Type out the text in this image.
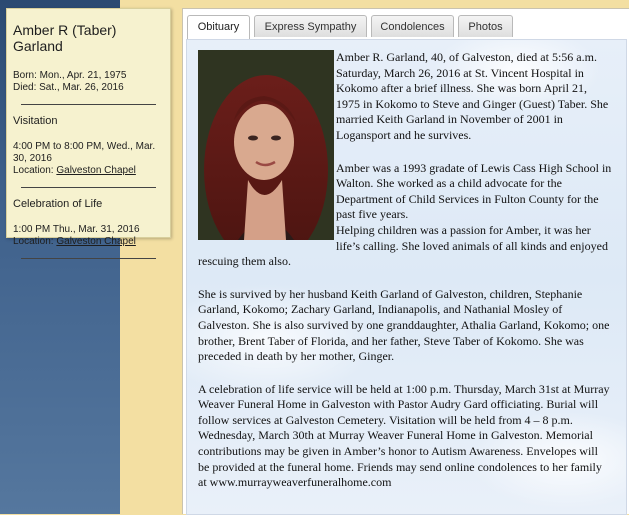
Amber R (Taber) Garland
Born: Mon., Apr. 21, 1975
Died: Sat., Mar. 26, 2016
Visitation
4:00 PM to 8:00 PM, Wed., Mar. 30, 2016
Location: Galveston Chapel
Celebration of Life
1:00 PM Thu., Mar. 31, 2016
Location: Galveston Chapel
Obituary	Express Sympathy	Condolences	Photos

Amber R. Garland, 40, of Galveston, died at 5:56 a.m. Saturday, March 26, 2016 at St. Vincent Hospital in Kokomo after a brief illness. She was born April 21, 1975 in Kokomo to Steve and Ginger (Guest) Taber. She married Keith Garland in November of 2001 in Logansport and he survives.

Amber was a 1993 gradate of Lewis Cass High School in Walton. She worked as a child advocate for the Department of Child Services in Fulton County for the past five years.
Helping children was a passion for Amber, it was her life’s calling. She loved animals of all kinds and enjoyed rescuing them also.

She is survived by her husband Keith Garland of Galveston, children, Stephanie Garland, Kokomo; Zachary Garland, Indianapolis, and Nathanial Mosley of Galveston. She is also survived by one granddaughter, Athalia Garland, Kokomo; one brother, Brent Taber of Florida, and her father, Steve Taber of Kokomo. She was preceded in death by her mother, Ginger.

A celebration of life service will be held at 1:00 p.m. Thursday, March 31st at Murray Weaver Funeral Home in Galveston with Pastor Audry Gard officiating. Burial will follow services at Galveston Cemetery. Visitation will be held from 4 – 8 p.m. Wednesday, March 30th at Murray Weaver Funeral Home in Galveston. Memorial contributions may be given in Amber’s honor to Autism Awareness. Envelopes will be provided at the funeral home. Friends may send online condolences to her family at www.murrayweaverfuneralhome.com
